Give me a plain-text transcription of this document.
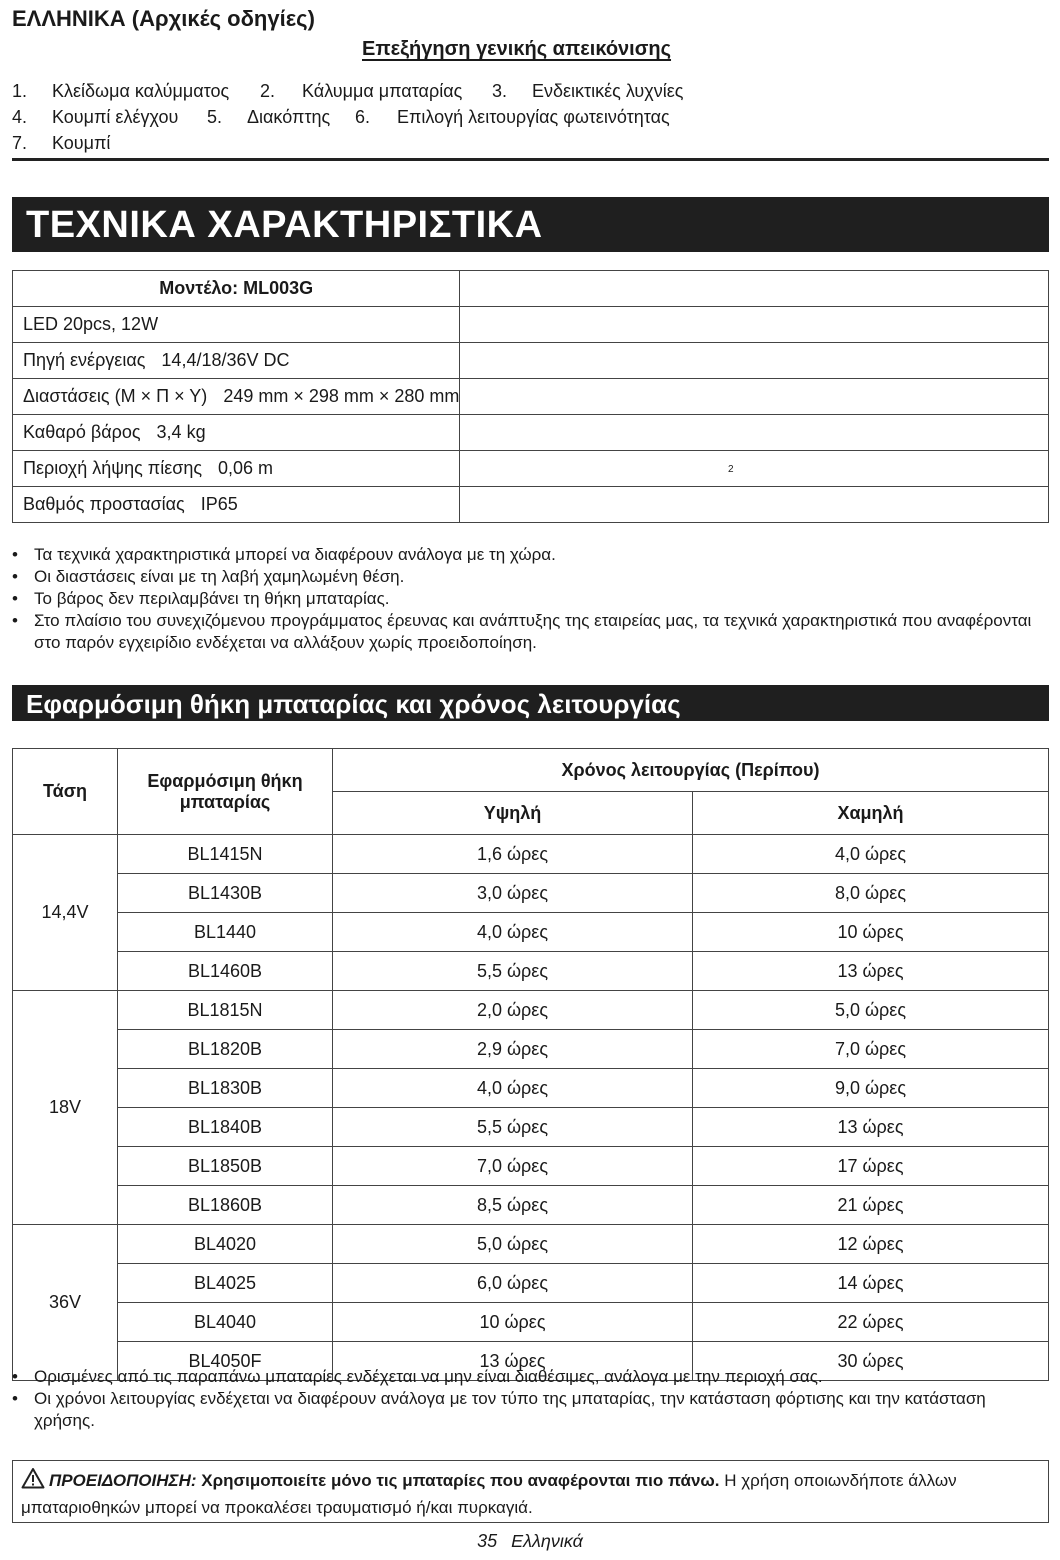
ΕΛΛΗΝΙΚΑ (Αρχικές οδηγίες)
Επεξήγηση γενικής απεικόνισης
1. Κλείδωμα καλύμματος 2. Κάλυμμα μπαταρίας 3. Ενδεικτικές λυχνίες
4. Κουμπί ελέγχου 5. Διακόπτης 6. Επιλογή λειτουργίας φωτεινότητας
7. Κουμπί
ΤΕΧΝΙΚΑ ΧΑΡΑΚΤΗΡΙΣΤΙΚΑ
Μοντέλο: ML003G	
LED 20pcs, 12W	
Πηγή ενέργειας 14,4/18/36V DC	
Διαστάσεις (Μ × Π × Υ) 249 mm × 298 mm × 280 mm	
Καθαρό βάρος 3,4 kg	
Περιοχή λήψης πίεσης 0,06 m	
Βαθμός προστασίας IP65	
2
• Τα τεχνικά χαρακτηριστικά μπορεί να διαφέρουν ανάλογα με τη χώρα.
• Οι διαστάσεις είναι με τη λαβή χαμηλωμένη θέση.
• Το βάρος δεν περιλαμβάνει τη θήκη μπαταρίας.
• Στο πλαίσιο του συνεχιζόμενου προγράμματος έρευνας και ανάπτυξης της εταιρείας μας, τα τεχνικά χαρακτηριστικά που αναφέρονται στο παρόν εγχειρίδιο ενδέχεται να αλλάξουν χωρίς προειδοποίηση.
Εφαρμόσιμη θήκη μπαταρίας και χρόνος λειτουργίας
Τάση	Εφαρμόσιμη θήκη μπαταρίας	Χρόνος λειτουργίας (Περίπου)	
		Υψηλή	Χαμηλή
14,4V	BL1415N	1,6 ώρες	4,0 ώρες
	BL1430B	3,0 ώρες	8,0 ώρες
	BL1440	4,0 ώρες	10 ώρες
	BL1460B	5,5 ώρες	13 ώρες
18V	BL1815N	2,0 ώρες	5,0 ώρες
	BL1820B	2,9 ώρες	7,0 ώρες
	BL1830B	4,0 ώρες	9,0 ώρες
	BL1840B	5,5 ώρες	13 ώρες
	BL1850B	7,0 ώρες	17 ώρες
	BL1860B	8,5 ώρες	21 ώρες
36V	BL4020	5,0 ώρες	12 ώρες
	BL4025	6,0 ώρες	14 ώρες
	BL4040	10 ώρες	22 ώρες
	BL4050F	13 ώρες	30 ώρες
• Ορισμένες από τις παραπάνω μπαταρίες ενδέχεται να μην είναι διαθέσιμες, ανάλογα με την περιοχή σας.
• Οι χρόνοι λειτουργίας ενδέχεται να διαφέρουν ανάλογα με τον τύπο της μπαταρίας, την κατάσταση φόρτισης και την κατάσταση χρήσης.
ΠΡΟΕΙΔΟΠΟΙΗΣΗ: Χρησιμοποιείτε μόνο τις μπαταρίες που αναφέρονται πιο πάνω. Η χρήση οποιωνδήποτε άλλων μπαταριοθηκών μπορεί να προκαλέσει τραυματισμό ή/και πυρκαγιά.
35 Ελληνικά
